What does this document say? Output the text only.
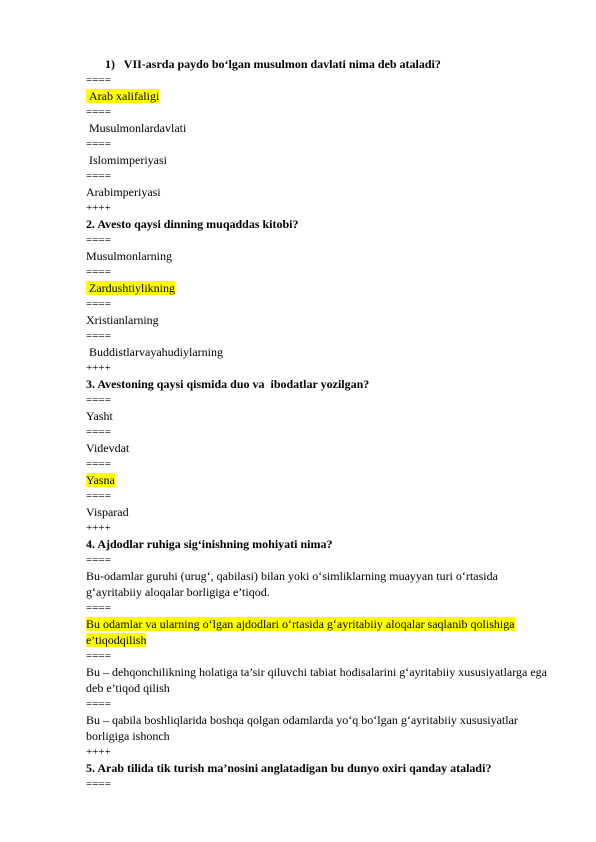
1) VII-asrda paydo bo‘lgan musulmon davlati nima deb ataladi?
====
Arab xalifaligi
====
Musulmonlardavlati
====
Islomimperiyasi
====
Arabimperiyasi
++++
2. Avesto qaysi dinning muqaddas kitobi?
====
Musulmonlarning
====
Zardushtiylikning
====
Xristianlarning
====
Buddistlarvayahudiylarning
++++
3. Avestoning qaysi qismida duo va  ibodatlar yozilgan?
====
Yasht
====
Videvdat
====
Yasna
====
Visparad
++++
4. Ajdodlar ruhiga sig‘inishning mohiyati nima?
====
Bu-odamlar guruhi (urug‘, qabilasi) bilan yoki o‘simliklarning muayyan turi o‘rtasida
g‘ayritabiiy aloqalar borligiga e’tiqod.
====
Bu odamlar va ularning o‘lgan ajdodlari o‘rtasida g‘ayritabiiy aloqalar saqlanib qolishiga
e’tiqodqilish
====
Bu – dehqonchilikning holatiga ta’sir qiluvchi tabiat hodisalarini g‘ayritabiiy xususiyatlarga ega
deb e’tiqod qilish
====
Bu – qabila boshliqlarida boshqa qolgan odamlarda yo‘q bo‘lgan g‘ayritabiiy xususiyatlar
borligiga ishonch
++++
5. Arab tilida tik turish ma’nosini anglatadigan bu dunyo oxiri qanday ataladi?
====
